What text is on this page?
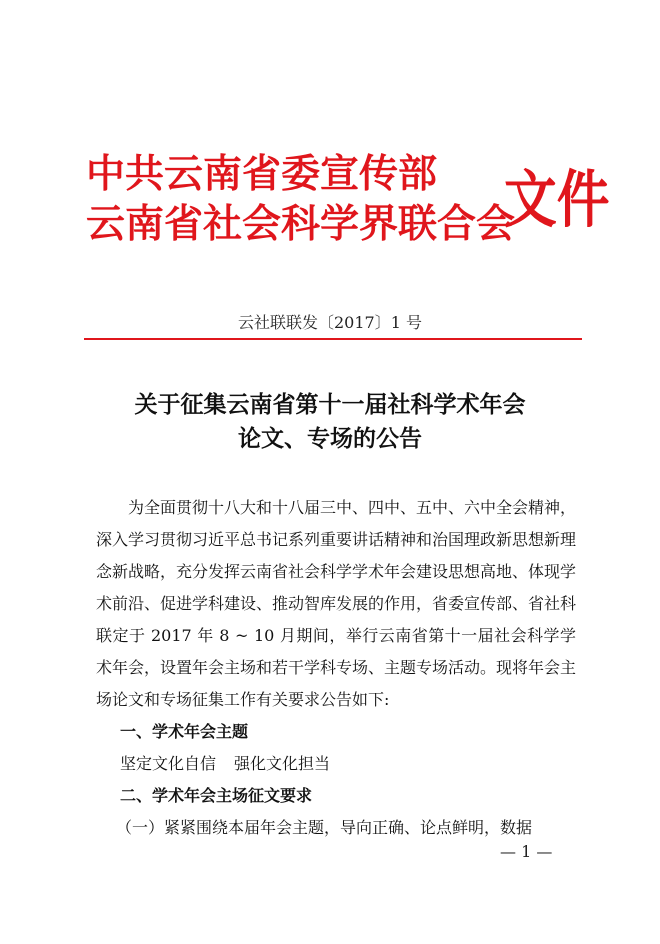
中共云南省委宣传部
云南省社会科学界联合会
文件
云社联联发〔2017〕1 号
关于征集云南省第十一届社科学术年会
论文、专场的公告

为全面贯彻十八大和十八届三中、四中、五中、六中全会精神，深入学习贯彻习近平总书记系列重要讲话精神和治国理政新思想新理念新战略，充分发挥云南省社会科学学术年会建设思想高地、体现学术前沿、促进学科建设、推动智库发展的作用，省委宣传部、省社科联定于 2017 年 8 ~ 10 月期间，举行云南省第十一届社会科学学术年会，设置年会主场和若干学科专场、主题专场活动。现将年会主场论文和专场征集工作有关要求公告如下:

一、学术年会主题

坚定文化自信 强化文化担当

二、学术年会主场征文要求

（一）紧紧围绕本届年会主题，导向正确、论点鲜明，数据

— 1 —
